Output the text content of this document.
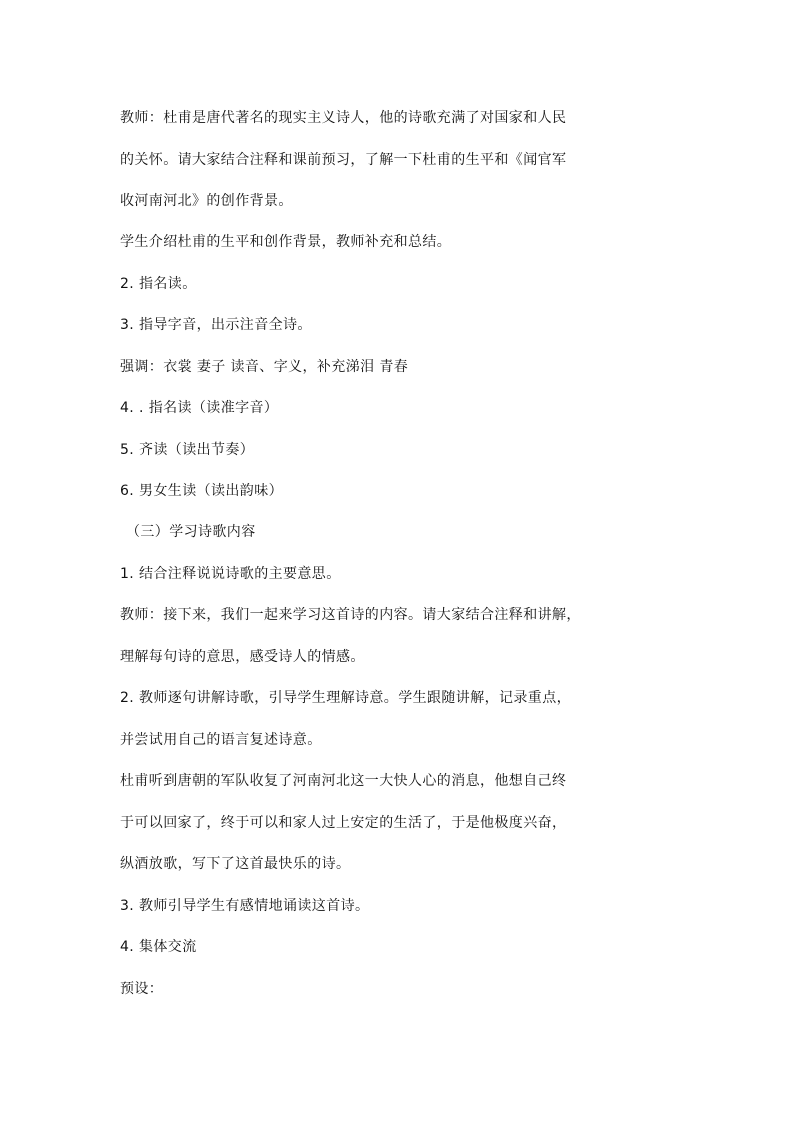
教师：杜甫是唐代著名的现实主义诗人，他的诗歌充满了对国家和人民
的关怀。请大家结合注释和课前预习，了解一下杜甫的生平和《闻官军
收河南河北》的创作背景。
学生介绍杜甫的生平和创作背景，教师补充和总结。
2. 指名读。
3. 指导字音，出示注音全诗。
强调：衣裳 妻子 读音、字义，补充涕泪 青春
4. . 指名读（读准字音）
5. 齐读（读出节奏）
6. 男女生读（读出韵味）
（三）学习诗歌内容
1. 结合注释说说诗歌的主要意思。
教师：接下来，我们一起来学习这首诗的内容。请大家结合注释和讲解，
理解每句诗的意思，感受诗人的情感。
2. 教师逐句讲解诗歌，引导学生理解诗意。学生跟随讲解，记录重点，
并尝试用自己的语言复述诗意。
杜甫听到唐朝的军队收复了河南河北这一大快人心的消息，他想自己终
于可以回家了，终于可以和家人过上安定的生活了，于是他极度兴奋，
纵酒放歌，写下了这首最快乐的诗。
3. 教师引导学生有感情地诵读这首诗。
4. 集体交流
预设：
